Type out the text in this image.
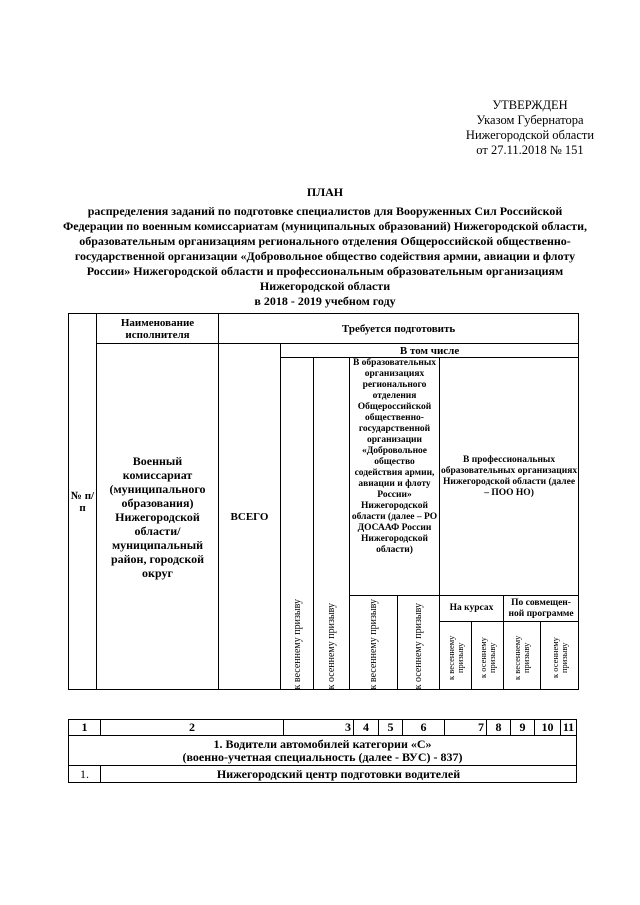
УТВЕРЖДЕН
Указом Губернатора
Нижегородской области
от 27.11.2018 № 151
ПЛАН
распределения заданий по подготовке специалистов для Вооруженных Сил Российской Федерации по военным комиссариатам (муниципальных образований) Нижегородской области, образовательным организациям регионального отделения Общероссийской общественно-государственной организации «Добровольное общество содействия армии, авиации и флоту России» Нижегородской области и профессиональным образовательным организациям Нижегородской области
в 2018 - 2019 учебном году
№ п/п	Наименование исполнителя	Требуется подготовить								
	Военный комиссариат (муниципального образования) Нижегородской области/ муниципальный район, городской округ	ВСЕГО	В том числе							

			к весеннему призыву	к осеннему призыву	В образовательных организациях регионального отделения Общероссийской общественно-государственной организации «Добровольное общество содействия армии, авиации и флоту России» Нижегородской области (далее – РО ДОСААФ России Нижегородской области)		В профессиональных образовательных организациях Нижегородской области (далее – ПОО НО)			

					к весеннему призыву	к осеннему призыву	На курсах		По совмещен-ной программе	

							к весеннему призыву	к осеннему призыву	к весеннему призыву	к осеннему призыву
1	2	3	4	5	6	7	8	9	10	11

1. Водители автомобилей категории «С»
(военно-учетная специальность (далее - ВУС) - 837)										

1.	Нижегородский центр подготовки водителей									
